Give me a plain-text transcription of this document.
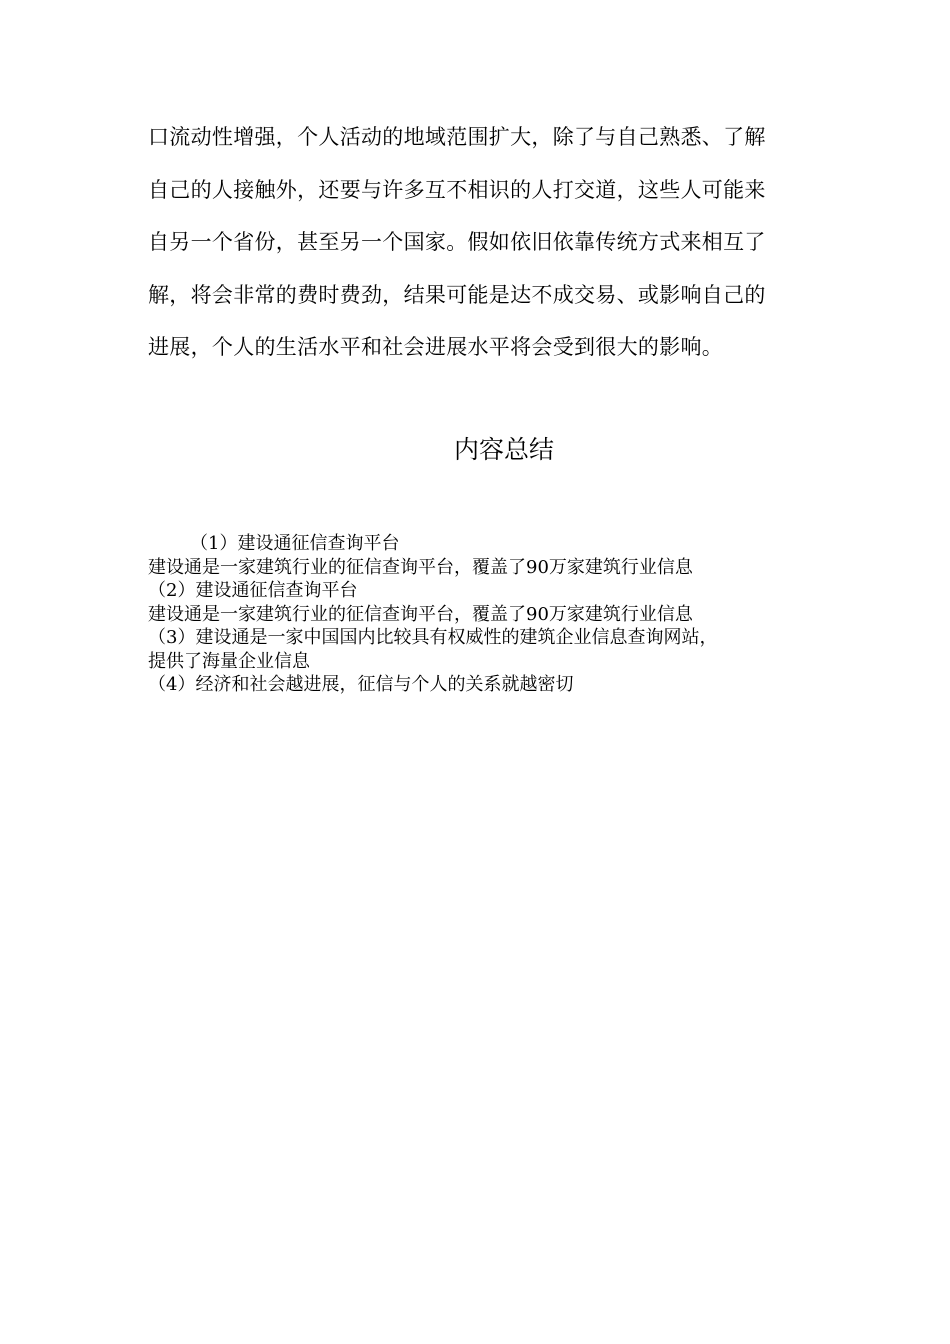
口流动性增强，个人活动的地域范围扩大，除了与自己熟悉、了解
自己的人接触外，还要与许多互不相识的人打交道，这些人可能来
自另一个省份，甚至另一个国家。假如依旧依靠传统方式来相互了
解，将会非常的费时费劲，结果可能是达不成交易、或影响自己的
进展，个人的生活水平和社会进展水平将会受到很大的影响。
内容总结
（1）建设通征信查询平台
建设通是一家建筑行业的征信查询平台，覆盖了90万家建筑行业信息
（2）建设通征信查询平台
建设通是一家建筑行业的征信查询平台，覆盖了90万家建筑行业信息
（3）建设通是一家中国国内比较具有权威性的建筑企业信息查询网站，
提供了海量企业信息
（4）经济和社会越进展，征信与个人的关系就越密切
